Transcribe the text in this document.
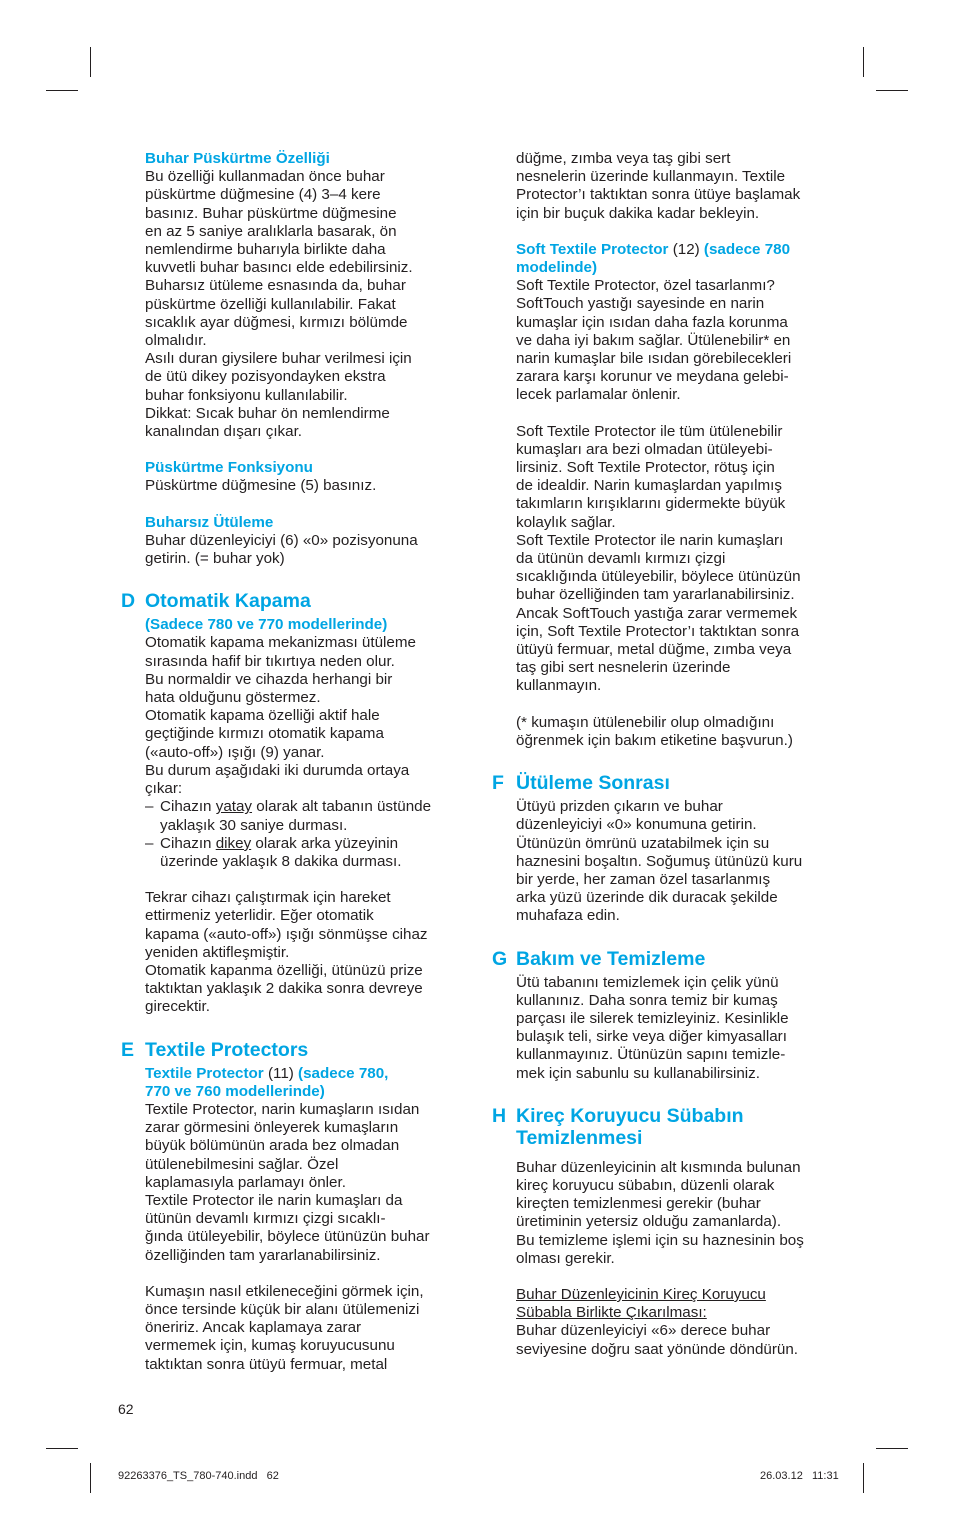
Buhar Püskürtme Özelliği

Bu özelliği kullanmadan önce buhar

püskürtme düğmesine (4) 3–4 kere

basınız. Buhar püskürtme düğmesine

en az 5 saniye aralıklarla basarak, ön

nemlendirme buharıyla birlikte daha

kuvvetli buhar basıncı elde edebilirsiniz.

Buharsız ütüleme esnasında da, buhar

püskürtme özelliği kullanılabilir. Fakat

sıcaklık ayar düğmesi, kırmızı bölümde

olmalıdır.

Asılı duran giysilere buhar verilmesi için

de ütü dikey pozisyondayken ekstra

buhar fonksiyonu kullanılabilir.

Dikkat: Sıcak buhar ön nemlendirme

kanalından dışarı çıkar.

Püskürtme Fonksiyonu

Püskürtme düğmesine (5) basınız.

Buharsız Ütüleme

Buhar düzenleyiciyi (6) «0» pozisyonuna

getirin. (= buhar yok)

D Otomatik Kapama

(Sadece 780 ve 770 modellerinde)

Otomatik kapama mekanizması ütüleme

sırasında hafif bir tıkırtıya neden olur.

Bu normaldir ve cihazda herhangi bir

hata olduğunu göstermez.

Otomatik kapama özelliği aktif hale

geçtiğinde kırmızı otomatik kapama

(«auto-off») ışığı (9) yanar.

Bu durum aşağıdaki iki durumda ortaya

çıkar:

– Cihazın yatay olarak alt tabanın üstünde

yaklaşık 30 saniye durması.

– Cihazın dikey olarak arka yüzeyinin

üzerinde yaklaşık 8 dakika durması.

Tekrar cihazı çalıştırmak için hareket

ettirmeniz yeterlidir. Eğer otomatik

kapama («auto-off») ışığı sönmüşse cihaz

yeniden aktifleşmiştir.

Otomatik kapanma özelliği, ütünüzü prize

taktıktan yaklaşık 2 dakika sonra devreye

girecektir.

E Textile Protectors

Textile Protector (11) (sadece 780,

770 ve 760 modellerinde)

Textile Protector, narin kumaşların ısıdan

zarar görmesini önleyerek kumaşların

büyük bölümünün arada bez olmadan

ütülenebilmesini sağlar. Özel

kaplamasıyla parlamayı önler.

Textile Protector ile narin kumaşları da

ütünün devamlı kırmızı çizgi sıcaklı-

ğında ütüleyebilir, böylece ütünüzün buhar

özelliğinden tam yararlanabilirsiniz.

Kumaşın nasıl etkileneceğini görmek için,

önce tersinde küçük bir alanı ütülemenizi

öneririz. Ancak kaplamaya zarar

vermemek için, kumaş koruyucusunu

taktıktan sonra ütüyü fermuar, metal

düğme, zımba veya taş gibi sert

nesnelerin üzerinde kullanmayın. Textile

Protector’ı taktıktan sonra ütüye başlamak

için bir buçuk dakika kadar bekleyin.

Soft Textile Protector (12) (sadece 780

modelinde)

Soft Textile Protector, özel tasarlanmı?

SoftTouch yastığı sayesinde en narin

kumaşlar için ısıdan daha fazla korunma

ve daha iyi bakım sağlar. Ütülenebilir* en

narin kumaşlar bile ısıdan görebilecekleri

zarara karşı korunur ve meydana gelebi-

lecek parlamalar önlenir.

Soft Textile Protector ile tüm ütülenebilir

kumaşları ara bezi olmadan ütüleyebi-

lirsiniz. Soft Textile Protector, rötuş için

de idealdir. Narin kumaşlardan yapılmış

takımların kırışıklarını gidermekte büyük

kolaylık sağlar.

Soft Textile Protector ile narin kumaşları

da ütünün devamlı kırmızı çizgi

sıcaklığında ütüleyebilir, böylece ütünüzün

buhar özelliğinden tam yararlanabilirsiniz.

Ancak SoftTouch yastığa zarar vermemek

için, Soft Textile Protector’ı taktıktan sonra

ütüyü fermuar, metal düğme, zımba veya

taş gibi sert nesnelerin üzerinde

kullanmayın.

(* kumaşın ütülenebilir olup olmadığını

öğrenmek için bakım etiketine başvurun.)

F Ütüleme Sonrası

Ütüyü prizden çıkarın ve buhar

düzenleyiciyi «0» konumuna getirin.

Ütünüzün ömrünü uzatabilmek için su

haznesini boşaltın. Soğumuş ütünüzü kuru

bir yerde, her zaman özel tasarlanmış

arka yüzü üzerinde dik duracak şekilde

muhafaza edin.

G Bakım ve Temizleme

Ütü tabanını temizlemek için çelik yünü

kullanınız. Daha sonra temiz bir kumaş

parçası ile silerek temizleyiniz. Kesinlikle

bulaşık teli, sirke veya diğer kimyasalları

kullanmayınız. Ütünüzün sapını temizle-

mek için sabunlu su kullanabilirsiniz.

H Kireç Koruyucu Sübabın
Temizlenmesi

Buhar düzenleyicinin alt kısmında bulunan

kireç koruyucu sübabın, düzenli olarak

kireçten temizlenmesi gerekir (buhar

üretiminin yetersiz olduğu zamanlarda).

Bu temizleme işlemi için su haznesinin boş

olması gerekir.

Buhar Düzenleyicinin Kireç Koruyucu

Sübabla Birlikte Çıkarılması:

Buhar düzenleyiciyi «6» derece buhar

seviyesine doğru saat yönünde döndürün.

62
92263376_TS_780-740.indd   62	26.03.12   11:31
